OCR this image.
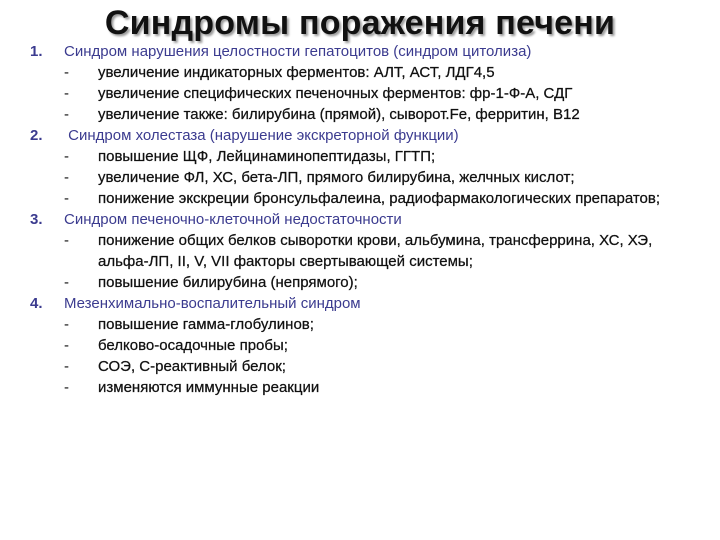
Синдромы поражения печени
1.	Синдром нарушения целостности гепатоцитов (синдром цитолиза)
-	увеличение индикаторных ферментов: АЛТ, АСТ, ЛДГ4,5
-	увеличение специфических печеночных ферментов: фр-1-Ф-А, СДГ
-	увеличение также: билирубина (прямой), сыворот.Fe, ферритин, B12
2.	Синдром холестаза (нарушение экскреторной функции)
-	повышение ЩФ, Лейцинаминопептидазы, ГГТП;
-	увеличение ФЛ, ХС, бета-ЛП, прямого билирубина, желчных кислот;
-	понижение экскреции бронсульфалеина, радиофармакологических препаратов;
3.	Синдром печеночно-клеточной недостаточности
-	понижение общих белков сыворотки крови, альбумина, трансферрина, ХС, ХЭ, альфа-ЛП, II, V, VII факторы свертывающей системы;
-	повышение билирубина (непрямого);
4.	Мезенхимально-воспалительный синдром
-	повышение гамма-глобулинов;
-	белково-осадочные пробы;
-	СОЭ, С-реактивный белок;
-	изменяются иммунные реакции
